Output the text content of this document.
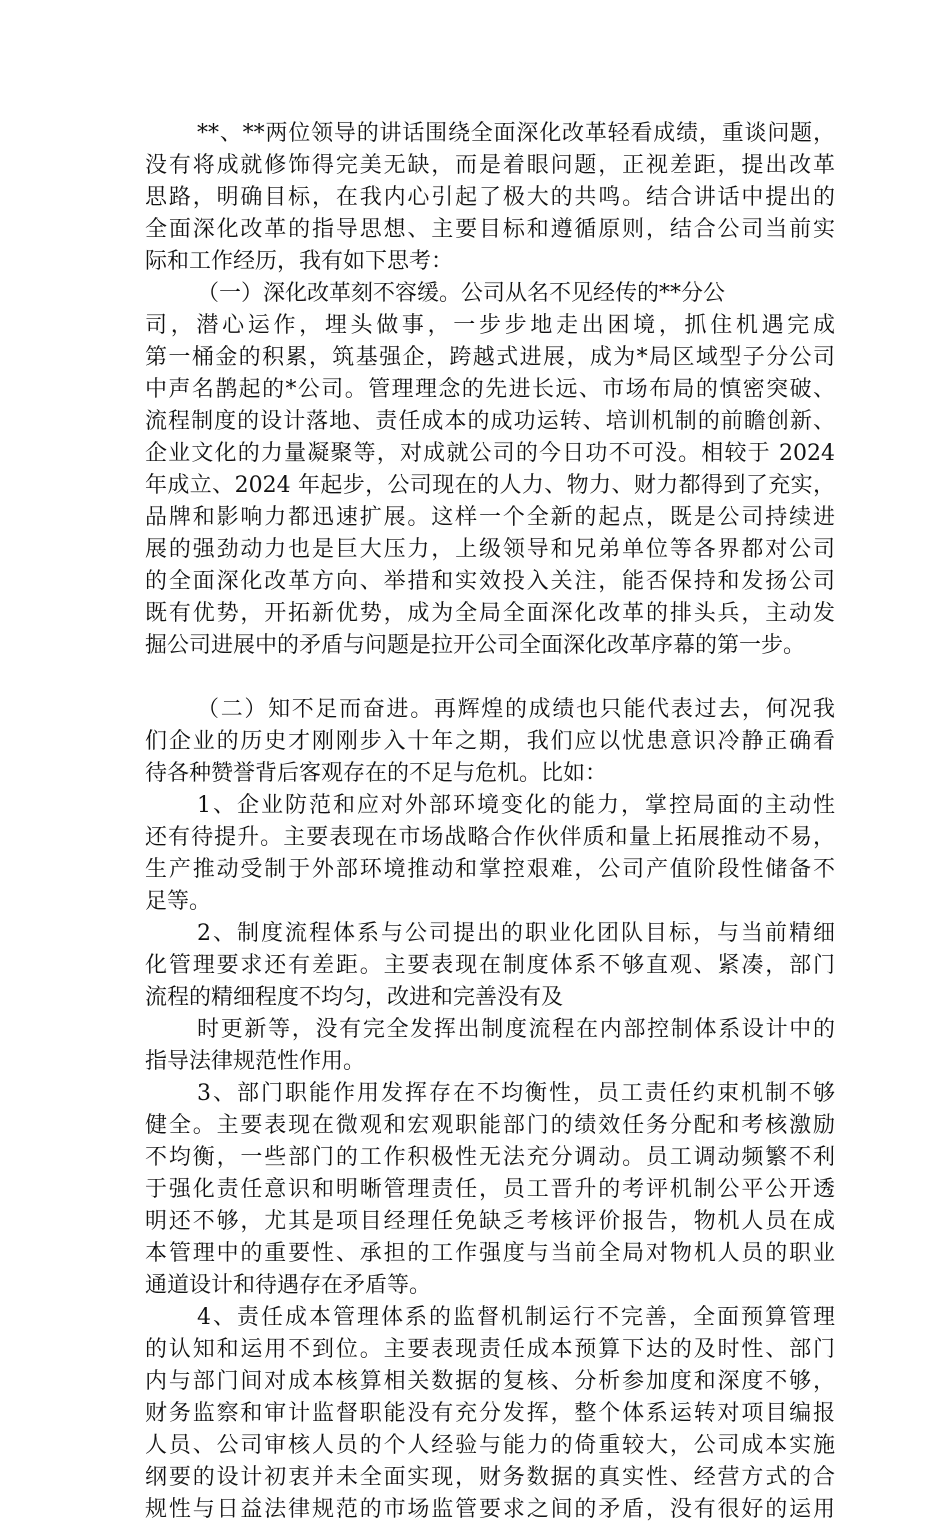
**、**两位领导的讲话围绕全面深化改革轻看成绩，重谈问题，
没有将成就修饰得完美无缺，而是着眼问题，正视差距，提出改革
思路，明确目标，在我内心引起了极大的共鸣。结合讲话中提出的
全面深化改革的指导思想、主要目标和遵循原则，结合公司当前实
际和工作经历，我有如下思考：
（一）深化改革刻不容缓。公司从名不见经传的**分公
司，潜心运作，埋头做事，一步步地走出困境，抓住机遇完成
第一桶金的积累，筑基强企，跨越式进展，成为*局区域型子分公司
中声名鹊起的*公司。管理理念的先进长远、市场布局的慎密突破、
流程制度的设计落地、责任成本的成功运转、培训机制的前瞻创新、
企业文化的力量凝聚等，对成就公司的今日功不可没。相较于 2024
年成立、2024 年起步，公司现在的人力、物力、财力都得到了充实，
品牌和影响力都迅速扩展。这样一个全新的起点，既是公司持续进
展的强劲动力也是巨大压力，上级领导和兄弟单位等各界都对公司
的全面深化改革方向、举措和实效投入关注，能否保持和发扬公司
既有优势，开拓新优势，成为全局全面深化改革的排头兵，主动发
掘公司进展中的矛盾与问题是拉开公司全面深化改革序幕的第一步。
（二）知不足而奋进。再辉煌的成绩也只能代表过去，何况我
们企业的历史才刚刚步入十年之期，我们应以忧患意识冷静正确看
待各种赞誉背后客观存在的不足与危机。比如：
1、企业防范和应对外部环境变化的能力，掌控局面的主动性
还有待提升。主要表现在市场战略合作伙伴质和量上拓展推动不易，
生产推动受制于外部环境推动和掌控艰难，公司产值阶段性储备不
足等。
2、制度流程体系与公司提出的职业化团队目标，与当前精细
化管理要求还有差距。主要表现在制度体系不够直观、紧凑，部门
流程的精细程度不均匀，改进和完善没有及
时更新等，没有完全发挥出制度流程在内部控制体系设计中的
指导法律规范性作用。
3、部门职能作用发挥存在不均衡性，员工责任约束机制不够
健全。主要表现在微观和宏观职能部门的绩效任务分配和考核激励
不均衡，一些部门的工作积极性无法充分调动。员工调动频繁不利
于强化责任意识和明晰管理责任，员工晋升的考评机制公平公开透
明还不够，尤其是项目经理任免缺乏考核评价报告，物机人员在成
本管理中的重要性、承担的工作强度与当前全局对物机人员的职业
通道设计和待遇存在矛盾等。
4、责任成本管理体系的监督机制运行不完善，全面预算管理
的认知和运用不到位。主要表现责任成本预算下达的及时性、部门
内与部门间对成本核算相关数据的复核、分析参加度和深度不够，
财务监察和审计监督职能没有充分发挥，整个体系运转对项目编报
人员、公司审核人员的个人经验与能力的倚重较大，公司成本实施
纲要的设计初衷并未全面实现，财务数据的真实性、经营方式的合
规性与日益法律规范的市场监管要求之间的矛盾，没有很好的运用
